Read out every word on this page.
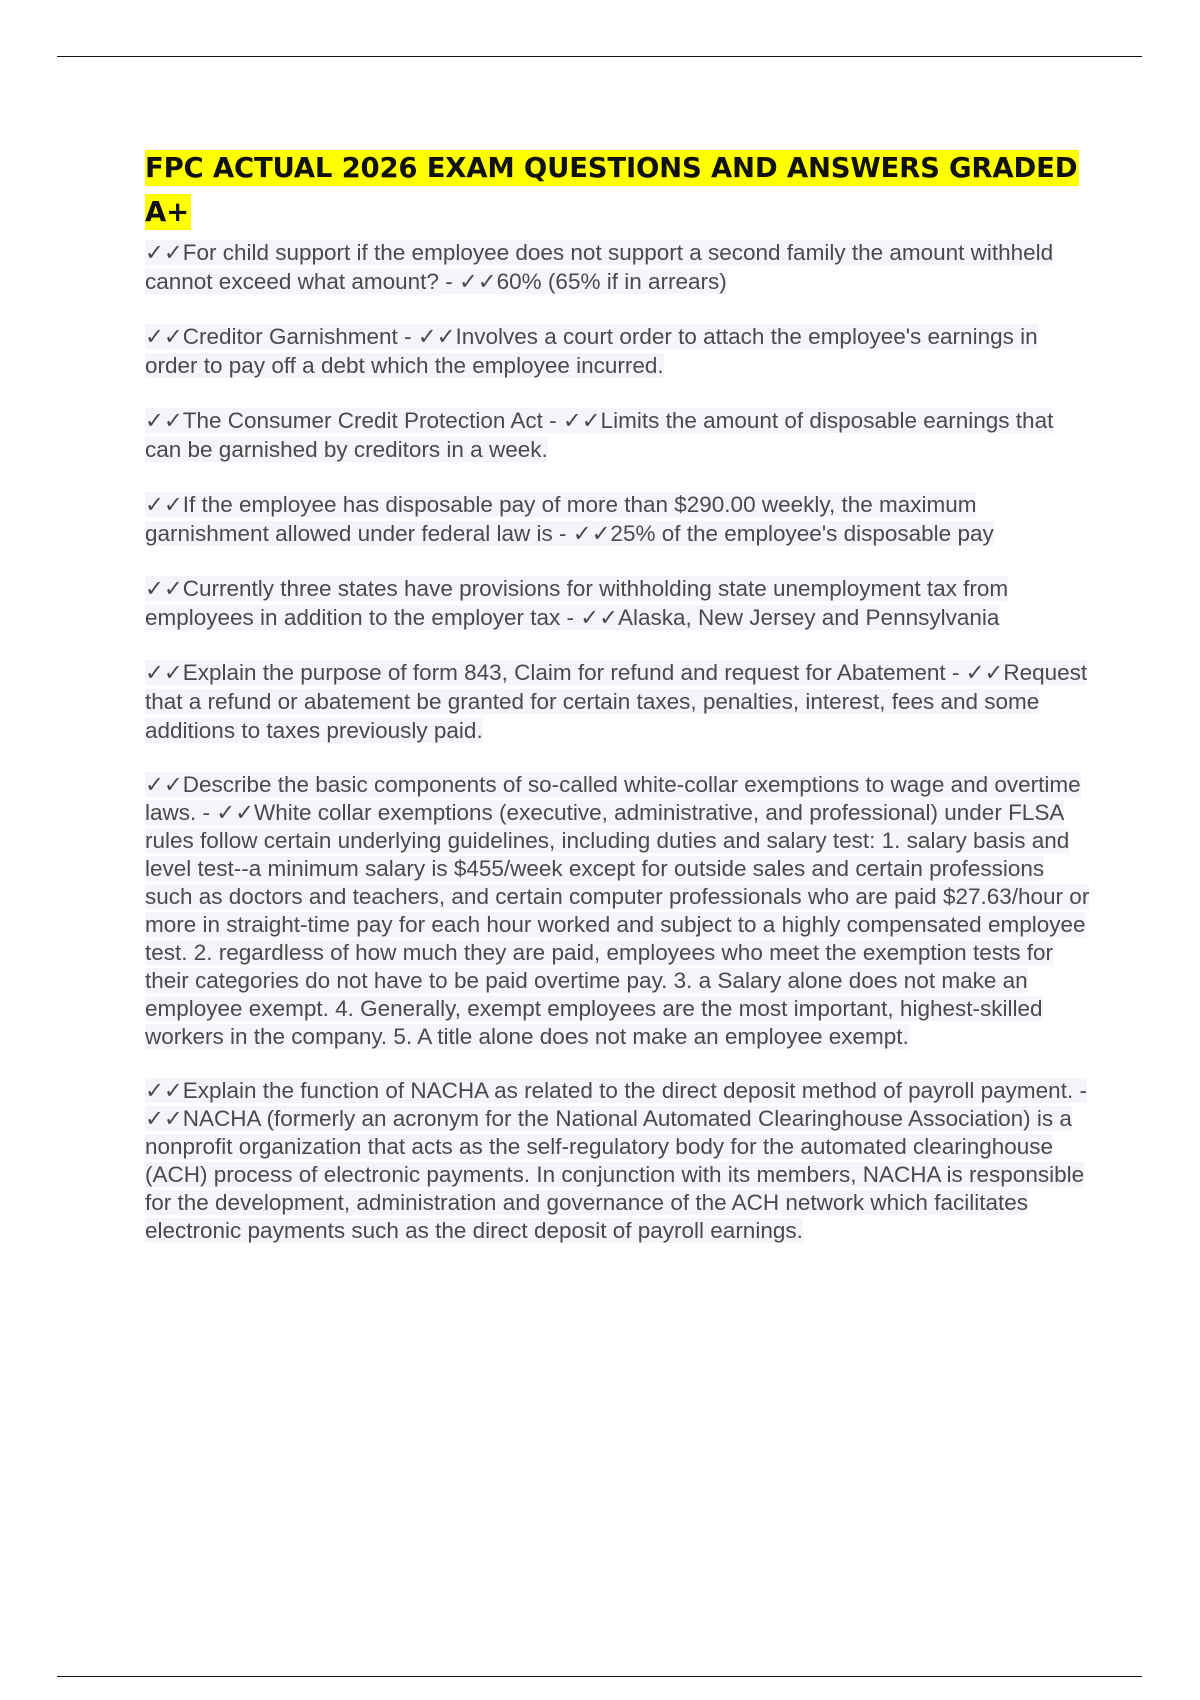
FPC ACTUAL 2026 EXAM QUESTIONS AND ANSWERS GRADED A+

✓✓For child support if the employee does not support a second family the amount withheld cannot exceed what amount? - ✓✓60% (65% if in arrears)

✓✓Creditor Garnishment - ✓✓Involves a court order to attach the employee's earnings in order to pay off a debt which the employee incurred.

✓✓The Consumer Credit Protection Act - ✓✓Limits the amount of disposable earnings that can be garnished by creditors in a week.

✓✓If the employee has disposable pay of more than $290.00 weekly, the maximum garnishment allowed under federal law is - ✓✓25% of the employee's disposable pay

✓✓Currently three states have provisions for withholding state unemployment tax from employees in addition to the employer tax - ✓✓Alaska, New Jersey and Pennsylvania

✓✓Explain the purpose of form 843, Claim for refund and request for Abatement - ✓✓Request that a refund or abatement be granted for certain taxes, penalties, interest, fees and some additions to taxes previously paid.

✓✓Describe the basic components of so-called white-collar exemptions to wage and overtime laws. - ✓✓White collar exemptions (executive, administrative, and professional) under FLSA rules follow certain underlying guidelines, including duties and salary test: 1. salary basis and level test--a minimum salary is $455/week except for outside sales and certain professions such as doctors and teachers, and certain computer professionals who are paid $27.63/hour or more in straight-time pay for each hour worked and subject to a highly compensated employee test. 2. regardless of how much they are paid, employees who meet the exemption tests for their categories do not have to be paid overtime pay. 3. a Salary alone does not make an employee exempt. 4. Generally, exempt employees are the most important, highest-skilled workers in the company. 5. A title alone does not make an employee exempt.

✓✓Explain the function of NACHA as related to the direct deposit method of payroll payment. - ✓✓NACHA (formerly an acronym for the National Automated Clearinghouse Association) is a nonprofit organization that acts as the self-regulatory body for the automated clearinghouse (ACH) process of electronic payments. In conjunction with its members, NACHA is responsible for the development, administration and governance of the ACH network which facilitates electronic payments such as the direct deposit of payroll earnings.
